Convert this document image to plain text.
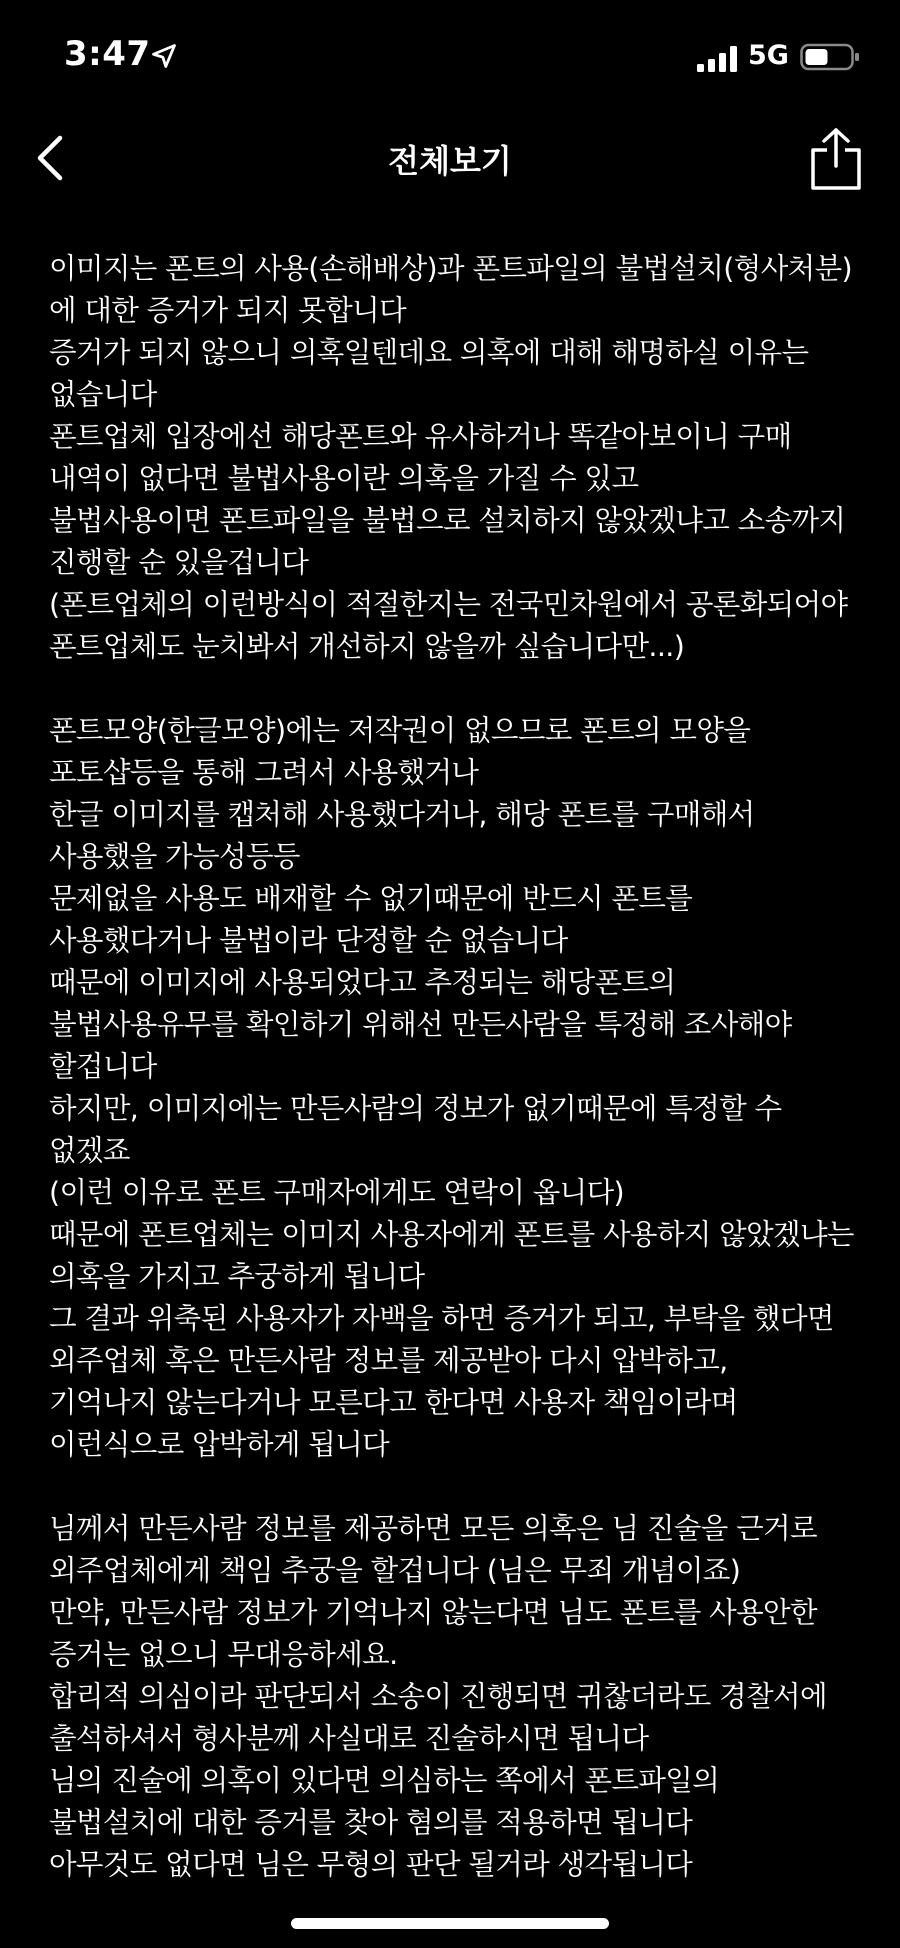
3:47	5G
전체보기
이미지는 폰트의 사용(손해배상)과 폰트파일의 불법설치(형사처분)에 대한 증거가 되지 못합니다
증거가 되지 않으니 의혹일텐데요 의혹에 대해 해명하실 이유는 없습니다
폰트업체 입장에선 해당폰트와 유사하거나 똑같아보이니 구매 내역이 없다면 불법사용이란 의혹을 가질 수 있고
불법사용이면 폰트파일을 불법으로 설치하지 않았겠냐고 소송까지 진행할 순 있을겁니다
(폰트업체의 이런방식이 적절한지는 전국민차원에서 공론화되어야 폰트업체도 눈치봐서 개선하지 않을까 싶습니다만...)
폰트모양(한글모양)에는 저작권이 없으므로 폰트의 모양을 포토샵등을 통해 그려서 사용했거나
한글 이미지를 캡처해 사용했다거나, 해당 폰트를 구매해서 사용했을 가능성등등
문제없을 사용도 배재할 수 없기때문에 반드시 폰트를 사용했다거나 불법이라 단정할 순 없습니다
때문에 이미지에 사용되었다고 추정되는 해당폰트의 불법사용유무를 확인하기 위해선 만든사람을 특정해 조사해야 할겁니다
하지만, 이미지에는 만든사람의 정보가 없기때문에 특정할 수 없겠죠
(이런 이유로 폰트 구매자에게도 연락이 옵니다)
때문에 폰트업체는 이미지 사용자에게 폰트를 사용하지 않았겠냐는 의혹을 가지고 추궁하게 됩니다
그 결과 위축된 사용자가 자백을 하면 증거가 되고, 부탁을 했다면 외주업체 혹은 만든사람 정보를 제공받아 다시 압박하고,
기억나지 않는다거나 모른다고 한다면 사용자 책임이라며 이런식으로 압박하게 됩니다
님께서 만든사람 정보를 제공하면 모든 의혹은 님 진술을 근거로 외주업체에게 책임 추궁을 할겁니다 (님은 무죄 개념이죠)
만약, 만든사람 정보가 기억나지 않는다면 님도 폰트를 사용안한 증거는 없으니 무대응하세요.
합리적 의심이라 판단되서 소송이 진행되면 귀찮더라도 경찰서에 출석하셔서 형사분께 사실대로 진술하시면 됩니다
님의 진술에 의혹이 있다면 의심하는 쪽에서 폰트파일의 불법설치에 대한 증거를 찾아 혐의를 적용하면 됩니다
아무것도 없다면 님은 무형의 판단 될거라 생각됩니다
